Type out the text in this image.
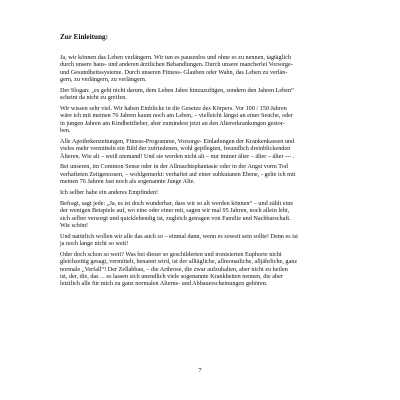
Zur Einleitung:

Ja, wir können das Leben verlängern. Wir tun es pausenlos und ohne es zu nennen, tagtäglich
durch unsere haus- und anderen ärztlichen Behandlungen. Durch unsere mancherlei Vorsorge-
und Gesundheitssysteme. Durch unseren Fitness- Glauben oder Wahn, das Leben zu verlän-
gern, zu verlängern, zu verlängern.

Der Slogan: „es geht nicht darum, dem Leben Jahre hinzuzufügen, sondern den Jahren Leben“
scheint da nicht zu greifen.

Wir wissen sehr viel. Wir haben Einblicke in die Gesetze des Körpers. Vor 100 / 150 Jahren
wäre ich mit meinen 76 Jahren kaum noch am Leben, – vielleicht längst an einer Seuche, oder
in jungen Jahren am Kindbettfieber, aber zumindest jetzt an den Altererkrankungen gestor-
ben.

Alle Apothekenzeitungen, Fitness-Programme, Vorsorge- Einladungen der Krankenkassen und
vieles mehr vermitteln ein Bild der zufriedenen, wohl gepflegten, freundlich dreinblickenden
Älteren. Wie alt – weiß niemand! Und sie werden nicht alt – nur immer älter – älter – älter --- .

Bei unseren, im Common Sense oder in der Allmachtsphantasie oder in der Angst vorm Tod
verhafteten Zeitgenossen, – wohlgemerkt: verhaftet auf einer subkutanen Ebene, - gelte ich mit
meinen 76 Jahren fast noch als sogenannte Junge Alte.

Ich selber habe ein anderes Empfinden!

Befragt, sagt jede: „Ja, es ist doch wunderbar, dass wir so alt werden können“ – und zählt eine
der wenigen Beispiele auf, wo eine oder einer mit, sagen wir mal 95 Jahren, noch allein lebt,
sich selber versorgt und quicklebendig ist, zugleich getragen von Familie und Nachbarschaft.
Wie schön!

Und natürlich wollen wir alle das auch so – einmal dann, wenn es soweit sein sollte! Denn es ist
ja noch lange nicht so weit!

Oder doch schon so weit? Was bei dieser so geschilderten und ironisierten Euphorie nicht
gleichzeitig gesagt, vermittelt, benannt wird, ist der alltägliche, allmonatliche, alljährliche, ganz
normale „Verfall“! Der Zellabbau, – die Arthrose, die zwar aufzuhalten, aber nicht zu heilen
ist, der, die, das ... es lassen sich unendlich viele sogenannte Krankheiten nennen, die aber
letztlich alle für mich zu ganz normalen Alterns- und Abbauerscheinungen gehören.

7
